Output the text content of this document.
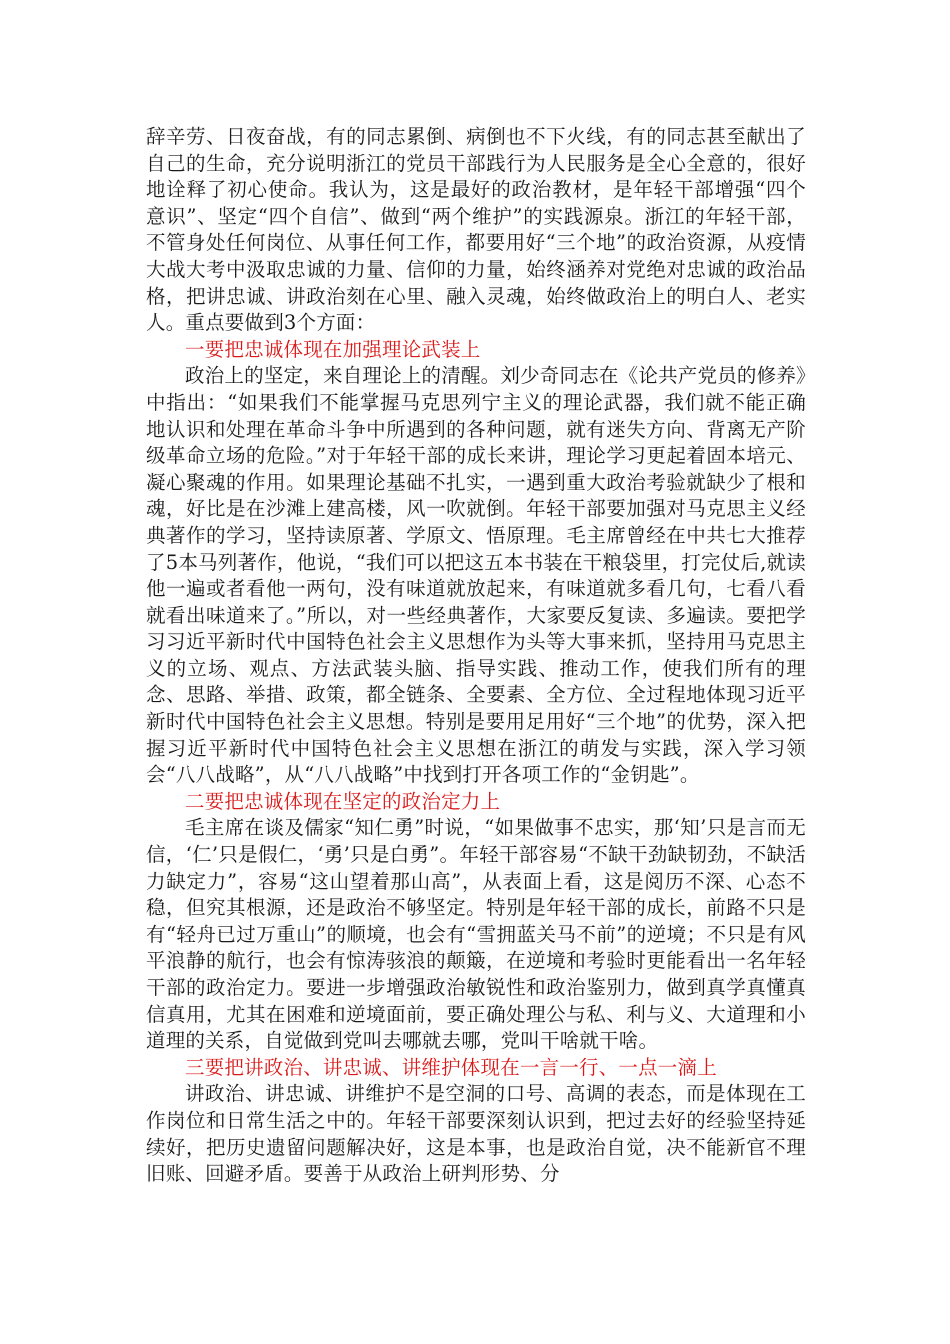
辞辛劳、日夜奋战，有的同志累倒、病倒也不下火线，有的同志甚至献出了自己的生命，充分说明浙江的党员干部践行为人民服务是全心全意的，很好地诠释了初心使命。我认为，这是最好的政治教材，是年轻干部增强“四个意识”、坚定“四个自信”、做到“两个维护”的实践源泉。浙江的年轻干部，不管身处任何岗位、从事任何工作，都要用好“三个地”的政治资源，从疫情大战大考中汲取忠诚的力量、信仰的力量，始终涵养对党绝对忠诚的政治品格，把讲忠诚、讲政治刻在心里、融入灵魂，始终做政治上的明白人、老实人。重点要做到3个方面：

一要把忠诚体现在加强理论武装上

政治上的坚定，来自理论上的清醒。刘少奇同志在《论共产党员的修养》中指出：“如果我们不能掌握马克思列宁主义的理论武器，我们就不能正确地认识和处理在革命斗争中所遇到的各种问题，就有迷失方向、背离无产阶级革命立场的危险。”对于年轻干部的成长来讲，理论学习更起着固本培元、凝心聚魂的作用。如果理论基础不扎实，一遇到重大政治考验就缺少了根和魂，好比是在沙滩上建高楼，风一吹就倒。年轻干部要加强对马克思主义经典著作的学习，坚持读原著、学原文、悟原理。毛主席曾经在中共七大推荐了5本马列著作，他说，“我们可以把这五本书装在干粮袋里，打完仗后,就读他一遍或者看他一两句，没有味道就放起来，有味道就多看几句，七看八看就看出味道来了。”所以，对一些经典著作，大家要反复读、多遍读。要把学习习近平新时代中国特色社会主义思想作为头等大事来抓，坚持用马克思主义的立场、观点、方法武装头脑、指导实践、推动工作，使我们所有的理念、思路、举措、政策，都全链条、全要素、全方位、全过程地体现习近平新时代中国特色社会主义思想。特别是要用足用好“三个地”的优势，深入把握习近平新时代中国特色社会主义思想在浙江的萌发与实践，深入学习领会“八八战略”，从“八八战略”中找到打开各项工作的“金钥匙”。

二要把忠诚体现在坚定的政治定力上

毛主席在谈及儒家“知仁勇”时说，“如果做事不忠实，那‘知’只是言而无信，‘仁’只是假仁，‘勇’只是白勇”。年轻干部容易“不缺干劲缺韧劲，不缺活力缺定力”，容易“这山望着那山高”，从表面上看，这是阅历不深、心态不稳，但究其根源，还是政治不够坚定。特别是年轻干部的成长，前路不只是有“轻舟已过万重山”的顺境，也会有“雪拥蓝关马不前”的逆境；不只是有风平浪静的航行，也会有惊涛骇浪的颠簸，在逆境和考验时更能看出一名年轻干部的政治定力。要进一步增强政治敏锐性和政治鉴别力，做到真学真懂真信真用，尤其在困难和逆境面前，要正确处理公与私、利与义、大道理和小道理的关系，自觉做到党叫去哪就去哪，党叫干啥就干啥。

三要把讲政治、讲忠诚、讲维护体现在一言一行、一点一滴上

讲政治、讲忠诚、讲维护不是空洞的口号、高调的表态，而是体现在工作岗位和日常生活之中的。年轻干部要深刻认识到，把过去好的经验坚持延续好，把历史遗留问题解决好，这是本事，也是政治自觉，决不能新官不理旧账、回避矛盾。要善于从政治上研判形势、分
